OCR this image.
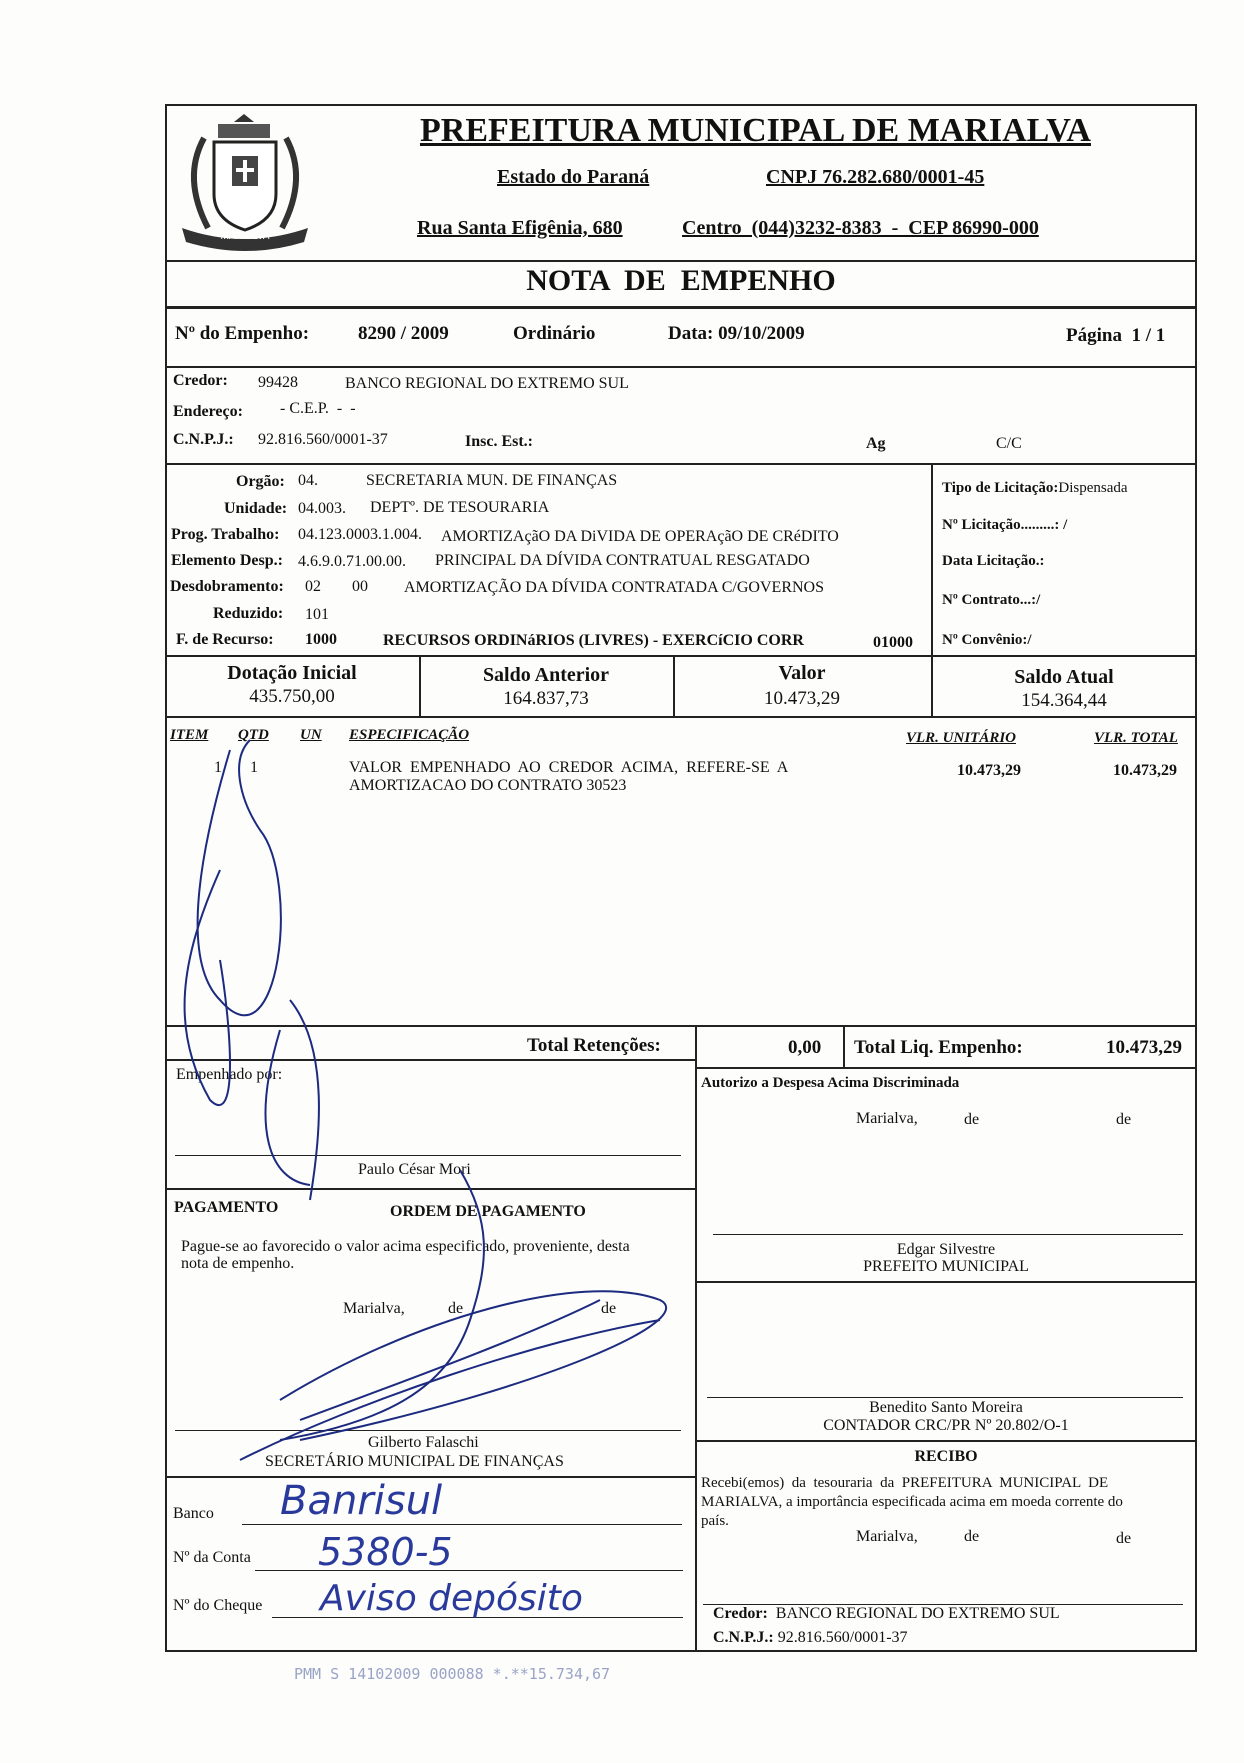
MARIALVA
PREFEITURA MUNICIPAL DE MARIALVA
Estado do Paraná	CNPJ 76.282.680/0001-45
Rua Santa Efigênia, 680	Centro  (044)3232-8383  -  CEP 86990-000
NOTA  DE  EMPENHO
Nº do Empenho:	8290 / 2009	Ordinário	Data: 09/10/2009	Página  1 / 1
Credor: 99428	BANCO REGIONAL DO EXTREMO SUL
Endereço: - C.E.P.  -  -
C.N.P.J.: 92.816.560/0001-37	Insc. Est.:	Ag	C/C
Orgão: 04.	SECRETARIA MUN. DE FINANÇAS
Unidade: 04.003. DEPTº. DE TESOURARIA
Prog. Trabalho: 04.123.0003.1.004. AMORTIZAçãO DA DiVIDA DE OPERAçãO DE CRéDITO
Elemento Desp.: 4.6.9.0.71.00.00. PRINCIPAL DA DÍVIDA CONTRATUAL RESGATADO
Desdobramento: 02 00 AMORTIZAÇÃO DA DÍVIDA CONTRATADA C/GOVERNOS
Reduzido: 101
F. de Recurso: 1000	RECURSOS ORDINáRIOS (LIVRES) - EXERCíCIO CORR	01000
Tipo de Licitação:Dispensada
Nº Licitação.........: /
Data Licitação.:
Nº Contrato...:/
Nº Convênio:/
Dotação Inicial
435.750,00
Saldo Anterior
164.837,73
Valor
10.473,29
Saldo Atual
154.364,44
ITEM QTD UN ESPECIFICAÇÃO	VLR. UNITÁRIO	VLR. TOTAL
1 1	VALOR  EMPENHADO  AO  CREDOR  ACIMA,  REFERE-SE  A
AMORTIZACAO DO CONTRATO 30523
10.473,29	10.473,29
Total Retenções:	0,00 Total Liq. Empenho:	10.473,29
Empenhado por:
Paulo César Mori
Autorizo a Despesa Acima Discriminada
Marialva,	de	de
Edgar Silvestre
PREFEITO MUNICIPAL
Benedito Santo Moreira
CONTADOR CRC/PR Nº 20.802/O-1
PAGAMENTO	ORDEM DE PAGAMENTO
Pague-se ao favorecido o valor acima especificado, proveniente, desta
nota de empenho.
Marialva,	de	de
Gilberto Falaschi
SECRETÁRIO MUNICIPAL DE FINANÇAS
Banco Banrisul
Nº da Conta 5380-5
Nº do Cheque Aviso depósito
RECIBO
Recebi(emos)  da  tesouraria  da  PREFEITURA  MUNICIPAL  DE
MARIALVA, a importância especificada acima em moeda corrente do
país.
Marialva,	de	de
Credor: BANCO REGIONAL DO EXTREMO SUL
C.N.P.J.: 92.816.560/0001-37
PMM S 14102009 000088 *.**15.734,67
